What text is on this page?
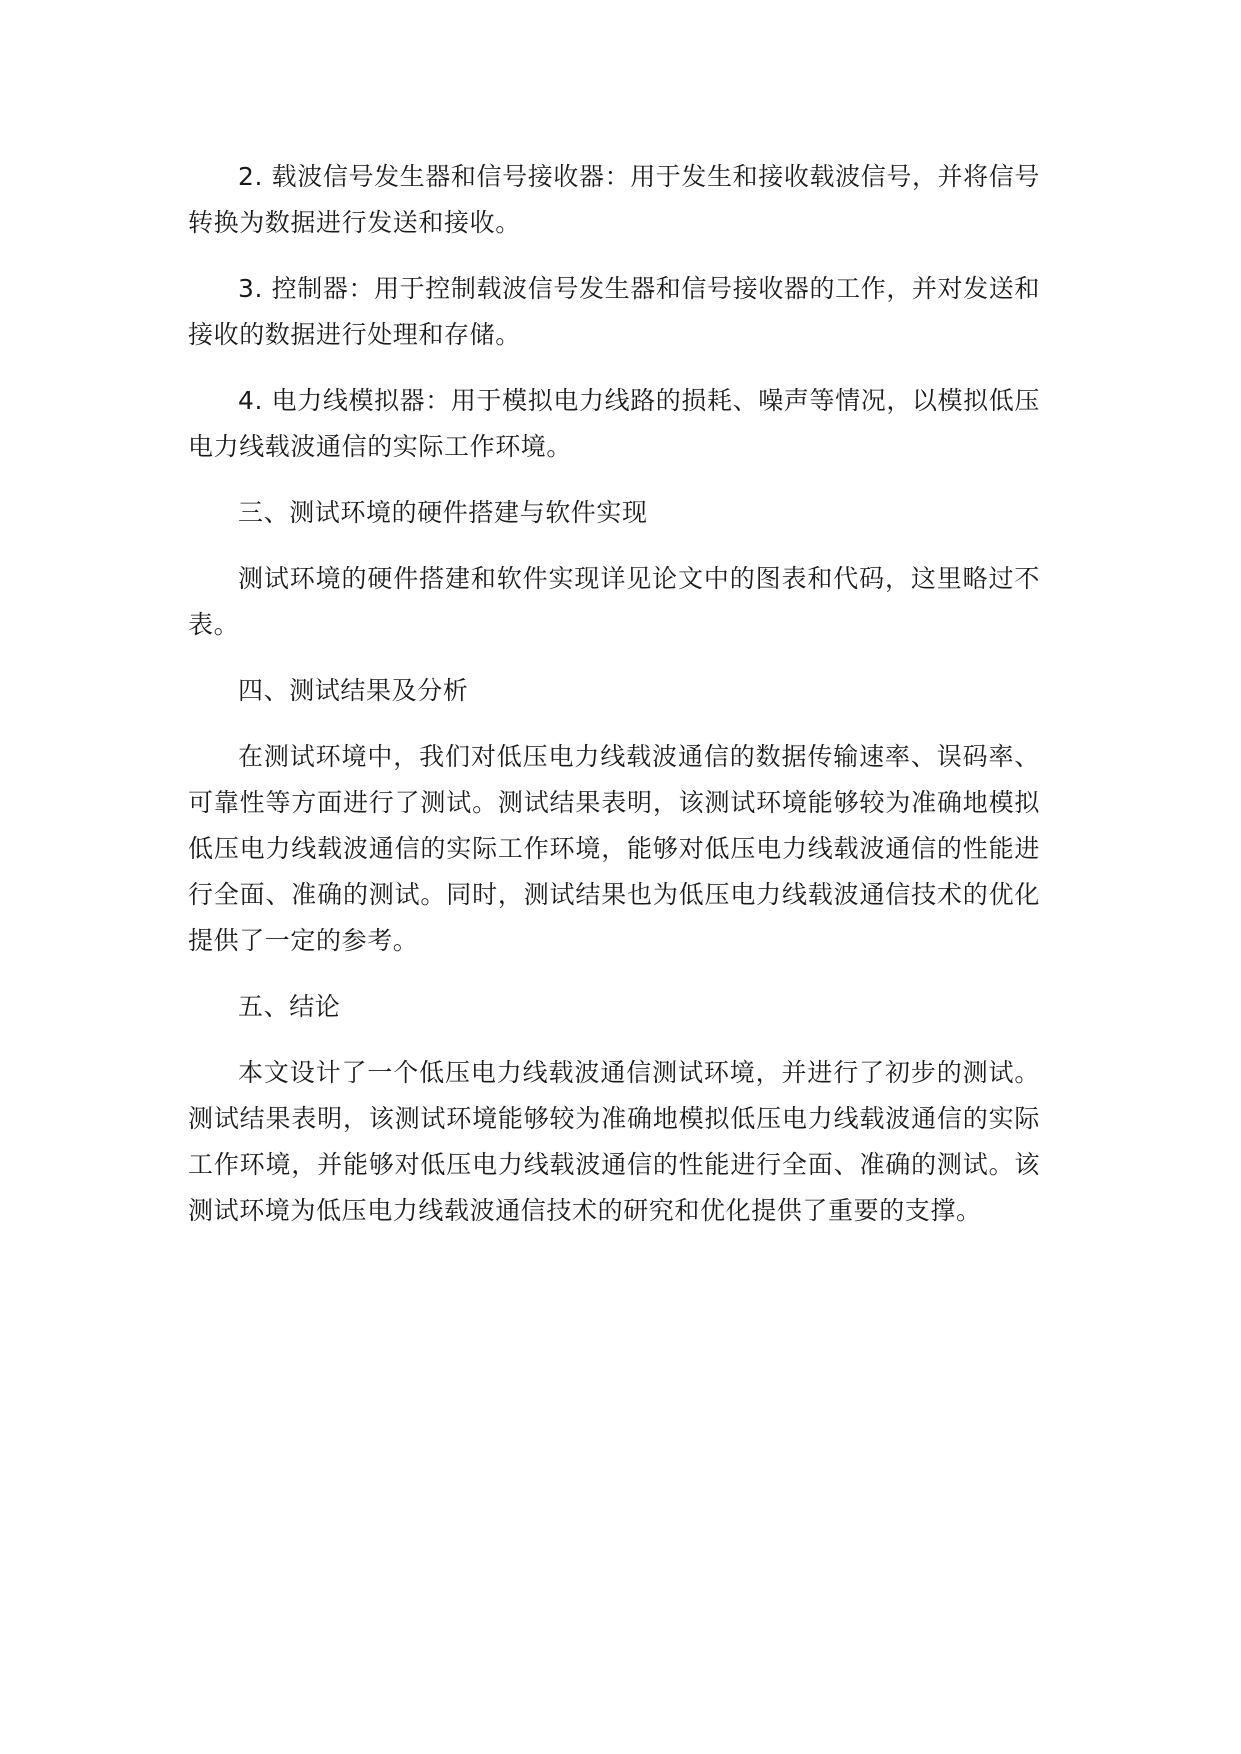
2. 载波信号发生器和信号接收器：用于发生和接收载波信号，并将信号转换为数据进行发送和接收。

3. 控制器：用于控制载波信号发生器和信号接收器的工作，并对发送和接收的数据进行处理和存储。

4. 电力线模拟器：用于模拟电力线路的损耗、噪声等情况，以模拟低压电力线载波通信的实际工作环境。

三、测试环境的硬件搭建与软件实现

测试环境的硬件搭建和软件实现详见论文中的图表和代码，这里略过不表。

四、测试结果及分析

在测试环境中，我们对低压电力线载波通信的数据传输速率、误码率、可靠性等方面进行了测试。测试结果表明，该测试环境能够较为准确地模拟低压电力线载波通信的实际工作环境，能够对低压电力线载波通信的性能进行全面、准确的测试。同时，测试结果也为低压电力线载波通信技术的优化提供了一定的参考。

五、结论

本文设计了一个低压电力线载波通信测试环境，并进行了初步的测试。测试结果表明，该测试环境能够较为准确地模拟低压电力线载波通信的实际工作环境，并能够对低压电力线载波通信的性能进行全面、准确的测试。该测试环境为低压电力线载波通信技术的研究和优化提供了重要的支撑。
